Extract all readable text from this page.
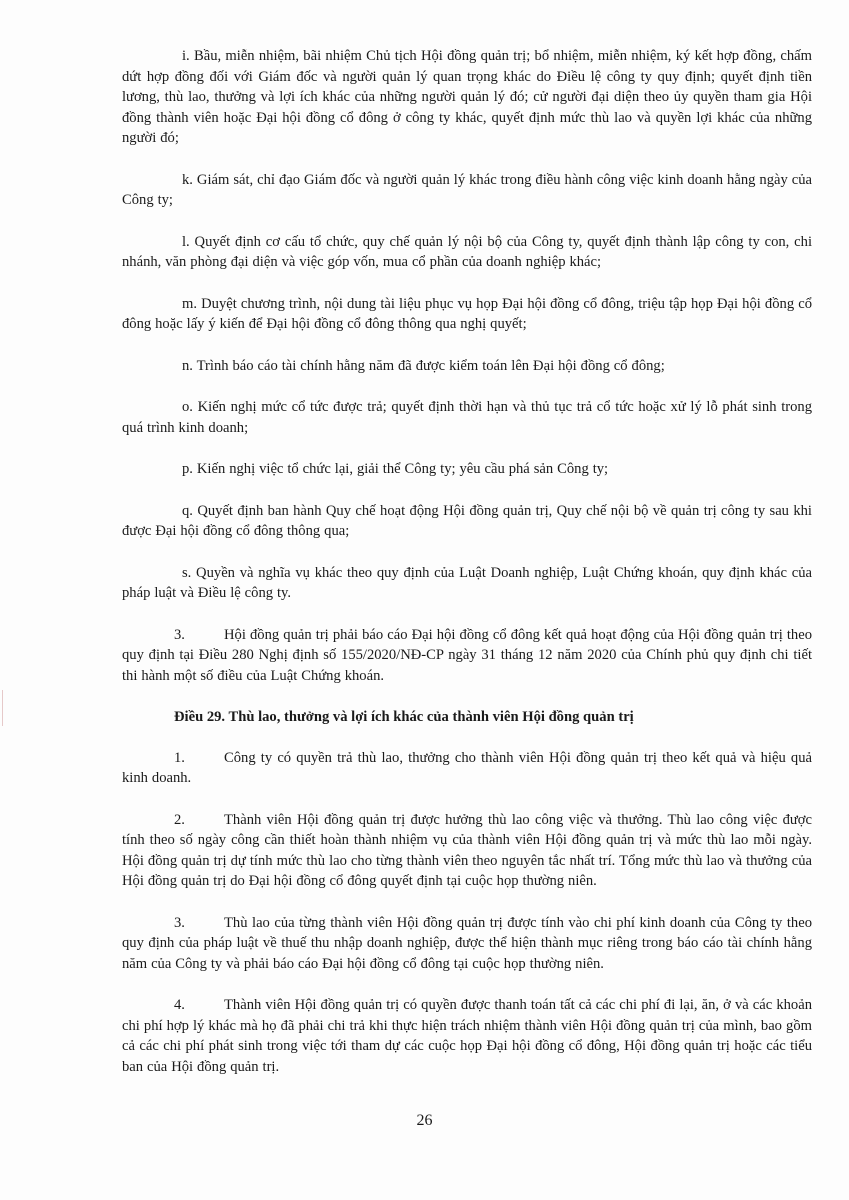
i. Bầu, miễn nhiệm, bãi nhiệm Chủ tịch Hội đồng quản trị; bổ nhiệm, miễn nhiệm, ký kết hợp đồng, chấm dứt hợp đồng đối với Giám đốc và người quản lý quan trọng khác do Điều lệ công ty quy định; quyết định tiền lương, thù lao, thưởng và lợi ích khác của những người quản lý đó; cử người đại diện theo ủy quyền tham gia Hội đồng thành viên hoặc Đại hội đồng cổ đông ở công ty khác, quyết định mức thù lao và quyền lợi khác của những người đó;

k. Giám sát, chỉ đạo Giám đốc và người quản lý khác trong điều hành công việc kinh doanh hằng ngày của Công ty;

l. Quyết định cơ cấu tổ chức, quy chế quản lý nội bộ của Công ty, quyết định thành lập công ty con, chi nhánh, văn phòng đại diện và việc góp vốn, mua cổ phần của doanh nghiệp khác;

m. Duyệt chương trình, nội dung tài liệu phục vụ họp Đại hội đồng cổ đông, triệu tập họp Đại hội đồng cổ đông hoặc lấy ý kiến để Đại hội đồng cổ đông thông qua nghị quyết;

n. Trình báo cáo tài chính hằng năm đã được kiểm toán lên Đại hội đồng cổ đông;

o. Kiến nghị mức cổ tức được trả; quyết định thời hạn và thủ tục trả cổ tức hoặc xử lý lỗ phát sinh trong quá trình kinh doanh;

p. Kiến nghị việc tổ chức lại, giải thể Công ty; yêu cầu phá sản Công ty;

q. Quyết định ban hành Quy chế hoạt động Hội đồng quản trị, Quy chế nội bộ về quản trị công ty sau khi được Đại hội đồng cổ đông thông qua;

s. Quyền và nghĩa vụ khác theo quy định của Luật Doanh nghiệp, Luật Chứng khoán, quy định khác của pháp luật và Điều lệ công ty.

3.	Hội đồng quản trị phải báo cáo Đại hội đồng cổ đông kết quả hoạt động của Hội đồng quản trị theo quy định tại Điều 280 Nghị định số 155/2020/NĐ-CP ngày 31 tháng 12 năm 2020 của Chính phủ quy định chi tiết thi hành một số điều của Luật Chứng khoán.

Điều 29. Thù lao, thưởng và lợi ích khác của thành viên Hội đồng quản trị

1.	Công ty có quyền trả thù lao, thưởng cho thành viên Hội đồng quản trị theo kết quả và hiệu quả kinh doanh.

2.	Thành viên Hội đồng quản trị được hưởng thù lao công việc và thưởng. Thù lao công việc được tính theo số ngày công cần thiết hoàn thành nhiệm vụ của thành viên Hội đồng quản trị và mức thù lao mỗi ngày. Hội đồng quản trị dự tính mức thù lao cho từng thành viên theo nguyên tắc nhất trí. Tổng mức thù lao và thưởng của Hội đồng quản trị do Đại hội đồng cổ đông quyết định tại cuộc họp thường niên.

3.	Thù lao của từng thành viên Hội đồng quản trị được tính vào chi phí kinh doanh của Công ty theo quy định của pháp luật về thuế thu nhập doanh nghiệp, được thể hiện thành mục riêng trong báo cáo tài chính hằng năm của Công ty và phải báo cáo Đại hội đồng cổ đông tại cuộc họp thường niên.

4.	Thành viên Hội đồng quản trị có quyền được thanh toán tất cả các chi phí đi lại, ăn, ở và các khoản chi phí hợp lý khác mà họ đã phải chi trả khi thực hiện trách nhiệm thành viên Hội đồng quản trị của mình, bao gồm cả các chi phí phát sinh trong việc tới tham dự các cuộc họp Đại hội đồng cổ đông, Hội đồng quản trị hoặc các tiểu ban của Hội đồng quản trị.

26
